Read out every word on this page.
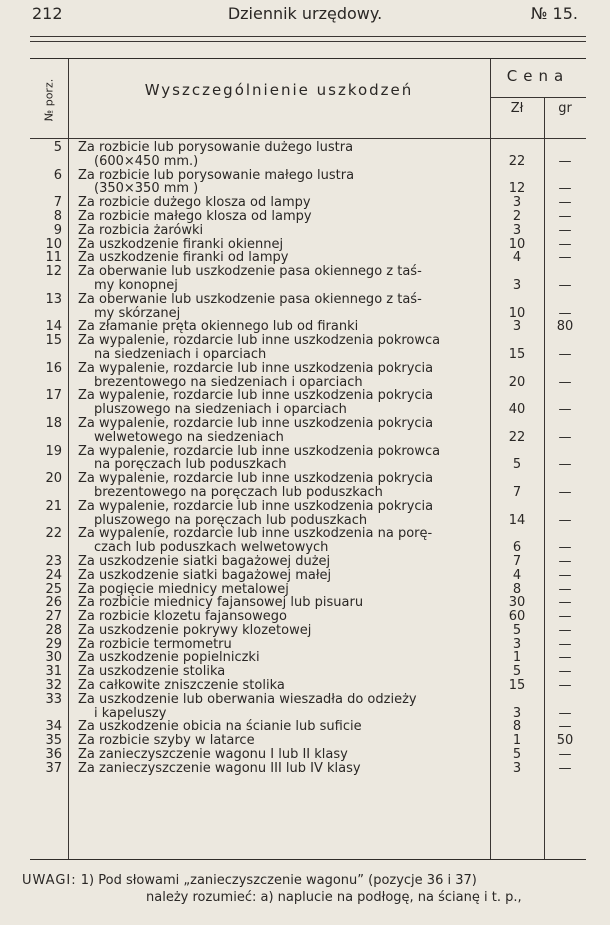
212	Dziennik urzędowy.	№ 15.
№ porz.	Wyszczególnienie uszkodzeń
Cena
Zł	gr
5	Za rozbicie lub porysowanie dużego lustra
(600×450 mm.)	22	—
6	Za rozbicie lub porysowanie małego lustra
(350×350 mm )	12	—
7	Za rozbicie dużego klosza od lampy	3	—
8	Za rozbicie małego klosza od lampy	2	—
9	Za rozbicia żarówki	3	—
10	Za uszkodzenie firanki okiennej	10	—
11	Za uszkodzenie firanki od lampy	4	—
12	Za oberwanie lub uszkodzenie pasa okiennego z taś-
my konopnej	3	—
13	Za oberwanie lub uszkodzenie pasa okiennego z taś-
my skórzanej	10	—
14	Za złamanie pręta okiennego lub od firanki	3	80
15	Za wypalenie, rozdarcie lub inne uszkodzenia pokrowca
na siedzeniach i oparciach	15	—
16	Za wypalenie, rozdarcie lub inne uszkodzenia pokrycia
brezentowego na siedzeniach i oparciach	20	—
17	Za wypalenie, rozdarcie lub inne uszkodzenia pokrycia
pluszowego na siedzeniach i oparciach	40	—
18	Za wypalenie, rozdarcie lub inne uszkodzenia pokrycia
welwetowego na siedzeniach	22	—
19	Za wypalenie, rozdarcie lub inne uszkodzenia pokrowca
na poręczach lub poduszkach	5	—
20	Za wypalenie, rozdarcie lub inne uszkodzenia pokrycia
brezentowego na poręczach lub poduszkach	7	—
21	Za wypalenie, rozdarcie lub inne uszkodzenia pokrycia
pluszowego na poręczach lub poduszkach	14	—
22	Za wypalenie, rozdarcie lub inne uszkodzenia na porę-
czach lub poduszkach welwetowych	6	—
23	Za uszkodzenie siatki bagażowej dużej	7	—
24	Za uszkodzenie siatki bagażowej małej	4	—
25	Za pogięcie miednicy metalowej	8	—
26	Za rozbicie miednicy fajansowej lub pisuaru	30	—
27	Za rozbicie klozetu fajansowego	60	—
28	Za uszkodzenie pokrywy klozetowej	5	—
29	Za rozbicie termometru	3	—
30	Za uszkodzenie popielniczki	1	—
31	Za uszkodzenie stolika	5	—
32	Za całkowite zniszczenie stolika	15	—
33	Za uszkodzenie lub oberwania wieszadła do odzieży
i kapeluszy	3	—
34	Za uszkodzenie obicia na ścianie lub suficie	8	—
35	Za rozbicie szyby w latarce	1	50
36	Za zanieczyszczenie wagonu I lub II klasy	5	—
37	Za zanieczyszczenie wagonu III lub IV klasy	3	—
UWAGI: 1) Pod słowami „zanieczyszczenie wagonu” (pozycje 36 i 37)
należy rozumieć: a) naplucie na podłogę, na ścianę i t. p.,
